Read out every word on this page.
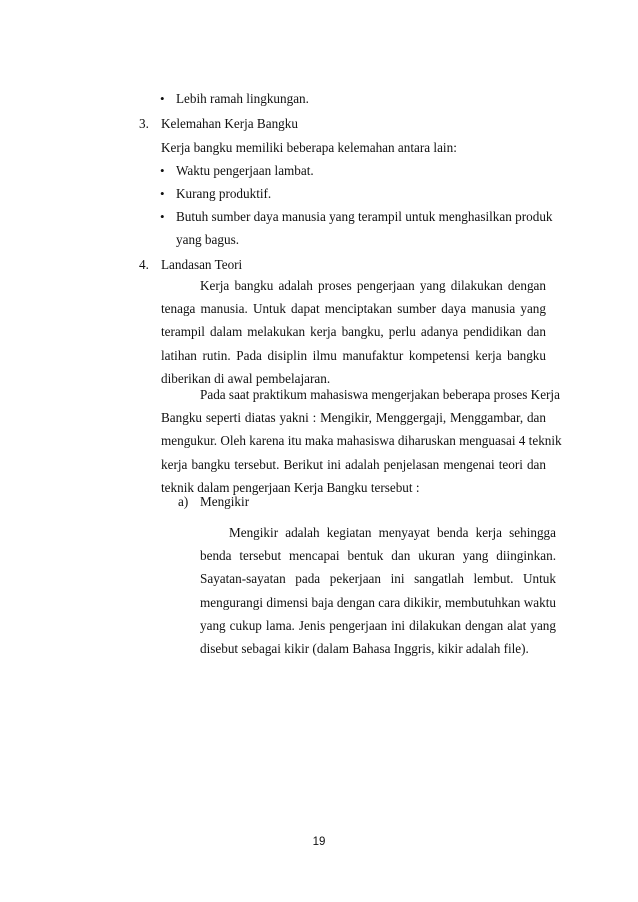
• Lebih ramah lingkungan.
3. Kelemahan Kerja Bangku
Kerja bangku memiliki beberapa kelemahan antara lain:
• Waktu pengerjaan lambat.
• Kurang produktif.
• Butuh sumber daya manusia yang terampil untuk menghasilkan produk
yang bagus.
4. Landasan Teori
Kerja bangku adalah proses pengerjaan yang dilakukan dengan
tenaga manusia. Untuk dapat menciptakan sumber daya manusia yang
terampil dalam melakukan kerja bangku, perlu adanya pendidikan dan
latihan rutin. Pada disiplin ilmu manufaktur kompetensi kerja bangku
diberikan di awal pembelajaran.
Pada saat praktikum mahasiswa mengerjakan beberapa proses Kerja
Bangku seperti diatas yakni : Mengikir, Menggergaji, Menggambar, dan
mengukur. Oleh karena itu maka mahasiswa diharuskan menguasai 4 teknik
kerja bangku tersebut. Berikut ini adalah penjelasan mengenai teori dan
teknik dalam pengerjaan Kerja Bangku tersebut :
a) Mengikir
Mengikir adalah kegiatan menyayat benda kerja sehingga
benda tersebut mencapai bentuk dan ukuran yang diinginkan.
Sayatan-sayatan pada pekerjaan ini sangatlah lembut. Untuk
mengurangi dimensi baja dengan cara dikikir, membutuhkan waktu
yang cukup lama. Jenis pengerjaan ini dilakukan dengan alat yang
disebut sebagai kikir (dalam Bahasa Inggris, kikir adalah file).
19
